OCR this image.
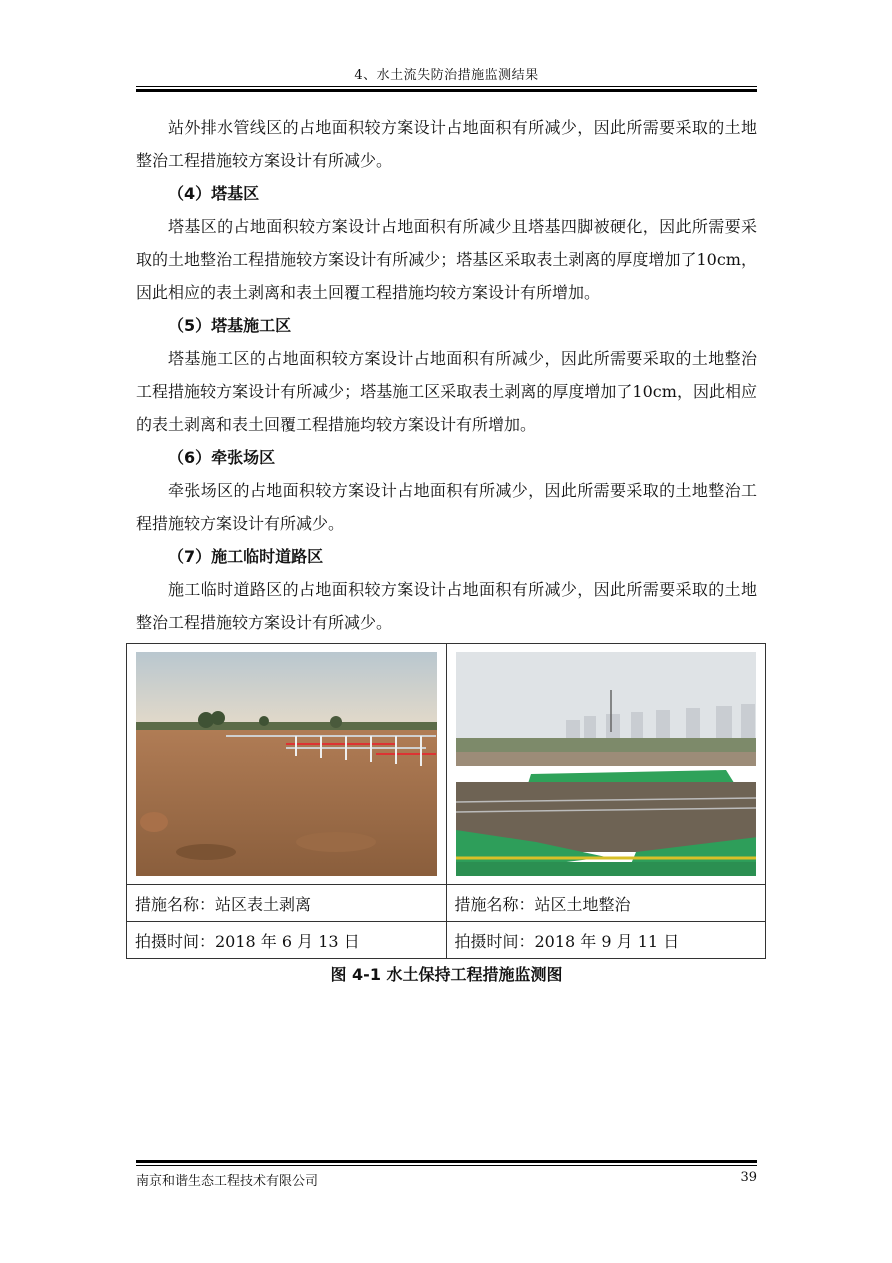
4、水土流失防治措施监测结果

站外排水管线区的占地面积较方案设计占地面积有所减少，因此所需要采取的土地整治工程措施较方案设计有所减少。

（4）塔基区

塔基区的占地面积较方案设计占地面积有所减少且塔基四脚被硬化，因此所需要采取的土地整治工程措施较方案设计有所减少；塔基区采取表土剥离的厚度增加了10cm，因此相应的表土剥离和表土回覆工程措施均较方案设计有所增加。

（5）塔基施工区

塔基施工区的占地面积较方案设计占地面积有所减少，因此所需要采取的土地整治工程措施较方案设计有所减少；塔基施工区采取表土剥离的厚度增加了10cm，因此相应的表土剥离和表土回覆工程措施均较方案设计有所增加。

（6）牵张场区

牵张场区的占地面积较方案设计占地面积有所减少，因此所需要采取的土地整治工程措施较方案设计有所减少。

（7）施工临时道路区

施工临时道路区的占地面积较方案设计占地面积有所减少，因此所需要采取的土地整治工程措施较方案设计有所减少。

措施名称：站区表土剥离	措施名称：站区土地整治
拍摄时间：2018 年 6 月 13 日	拍摄时间：2018 年 9 月 11 日
图 4-1 水土保持工程措施监测图
南京和谐生态工程技术有限公司	39
